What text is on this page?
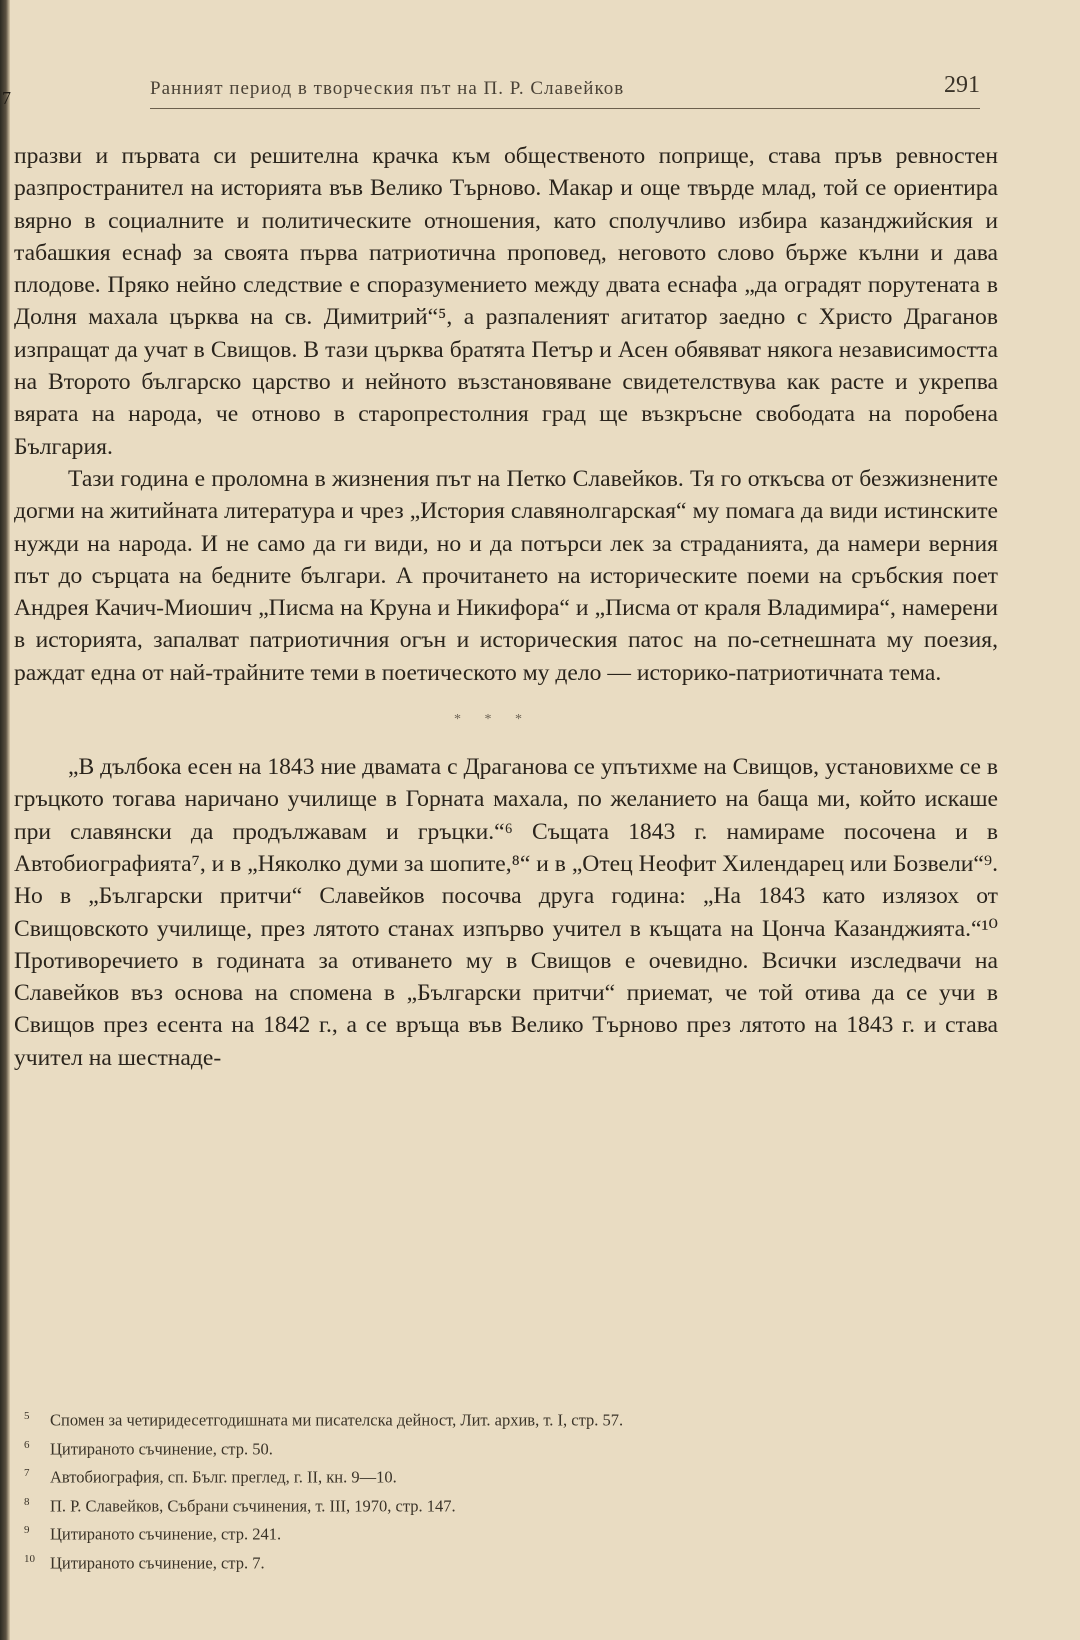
7	Ранният период в творческия път на П. Р. Славейков	291

празви и първата си решителна крачка към общественото поприще, става пръв ревностен разпространител на историята във Велико Търново. Макар и още твърде млад, той се ориентира вярно в социалните и политическите отношения, като сполучливо избира казанджийския и табашкия еснаф за своята първа патриотична проповед, неговото слово бърже кълни и дава плодове. Пряко нейно следствие е споразумението между двата еснафа „да оградят порутената в Долня махала църква на св. Димитрий“⁵, а разпаленият агитатор заедно с Христо Драганов изпращат да учат в Свищов. В тази църква братята Петър и Асен обявяват някога независимостта на Второто българско царство и нейното възстановяване свидетелствува как расте и укрепва вярата на народа, че отново в старопрестолния град ще възкръсне свободата на поробена България.

Тази година е проломна в жизнения път на Петко Славейков. Тя го откъсва от безжизнените догми на житийната литература и чрез „История славянолгарская“ му помага да види истинските нужди на народа. И не само да ги види, но и да потърси лек за страданията, да намери верния път до сърцата на бедните българи. А прочитането на историческите поеми на сръбския поет Андрея Качич-Миошич „Писма на Круна и Никифора“ и „Писма от краля Владимира“, намерени в историята, запалват патриотичния огън и историческия патос на по-сетнешната му поезия, раждат една от най-трайните теми в поетическото му дело — историко-патриотичната тема.

* * *

„В дълбока есен на 1843 ние двамата с Драганова се упътихме на Свищов, установихме се в гръцкото тогава наричано училище в Горната махала, по желанието на баща ми, който искаше при славянски да продължавам и гръцки.“⁶ Същата 1843 г. намираме посочена и в Автобиографията⁷, и в „Няколко думи за шопите,⁸“ и в „Отец Неофит Хилендарец или Бозвели“⁹. Но в „Български притчи“ Славейков посочва друга година: „На 1843 като излязох от Свищовското училище, през лятото станах изпърво учител в къщата на Цонча Казанджията.“¹⁰ Противоречието в годината за отиването му в Свищов е очевидно. Всички изследвачи на Славейков въз основа на спомена в „Български притчи“ приемат, че той отива да се учи в Свищов през есента на 1842 г., а се връща във Велико Търново през лятото на 1843 г. и става учител на шестнаде-

5 Спомен за четиридесетгодишната ми писателска дейност, Лит. архив, т. I, стр. 57.

6 Цитираното съчинение, стр. 50.

7 Автобиография, сп. Бълг. преглед, г. II, кн. 9—10.

8 П. Р. Славейков, Събрани съчинения, т. III, 1970, стр. 147.

9 Цитираното съчинение, стр. 241.

10 Цитираното съчинение, стр. 7.
